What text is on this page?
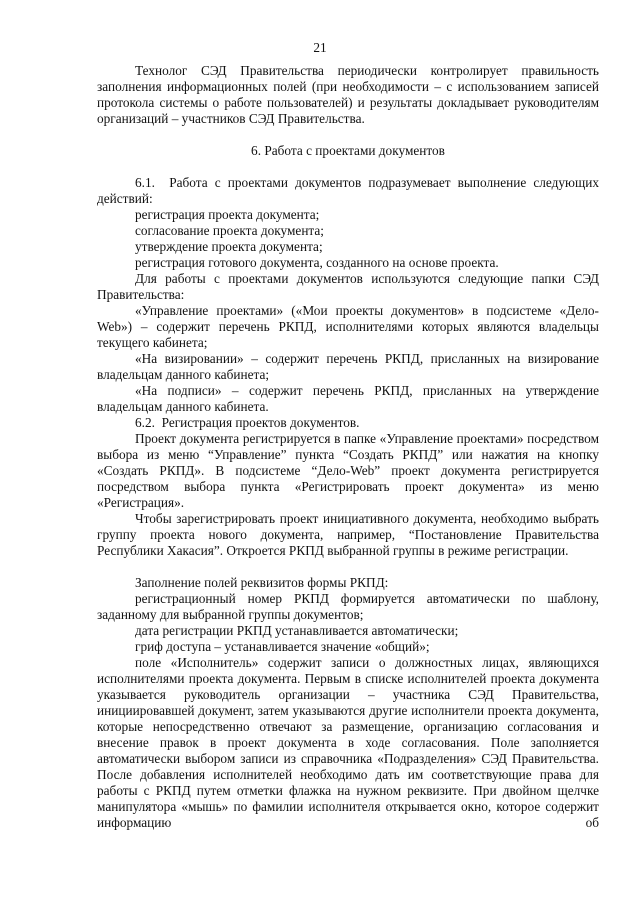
21

Технолог СЭД Правительства периодически контролирует правильность заполнения информационных полей (при необходимости – с использованием записей протокола системы о работе пользователей) и результаты докладывает руководителям организаций – участников СЭД Правительства.

6. Работа с проектами документов

6.1.  Работа с проектами документов подразумевает выполнение следующих действий:

регистрация проекта документа;

согласование проекта документа;

утверждение проекта документа;

регистрация готового документа, созданного на основе проекта.

Для работы с проектами документов используются следующие папки СЭД Правительства:

«Управление проектами» («Мои проекты документов» в подсистеме «Дело-Web») – содержит перечень РКПД, исполнителями которых являются владельцы текущего кабинета;

«На визировании» – содержит перечень РКПД, присланных на визирование владельцам данного кабинета;

«На подписи» – содержит перечень РКПД, присланных на утверждение владельцам данного кабинета.

6.2.  Регистрация проектов документов.

Проект документа регистрируется в папке «Управление проектами» посредством выбора из меню “Управление” пункта “Создать РКПД” или нажатия на кнопку «Создать РКПД». В подсистеме “Дело-Web” проект документа регистрируется посредством выбора пункта «Регистрировать проект документа» из меню «Регистрация».

Чтобы зарегистрировать проект инициативного документа, необходимо выбрать группу проекта нового документа, например, “Постановление Правительства Республики Хакасия”. Откроется РКПД выбранной группы в режиме регистрации.

Заполнение полей реквизитов формы РКПД:

регистрационный номер РКПД формируется автоматически по шаблону, заданному для выбранной группы документов;

дата регистрации РКПД устанавливается автоматически;

гриф доступа – устанавливается значение «общий»;

поле «Исполнитель» содержит записи о должностных лицах, являющихся исполнителями проекта документа. Первым в списке исполнителей проекта документа указывается руководитель организации – участника СЭД Правительства, инициировавшей документ, затем указываются другие исполнители проекта документа, которые непосредственно отвечают за размещение, организацию согласования и внесение правок в проект документа в ходе согласования. Поле заполняется автоматически выбором записи из справочника «Подразделения» СЭД Правительства. После добавления исполнителей необходимо дать им соответствующие права для работы с РКПД путем отметки флажка на нужном реквизите. При двойном щелчке манипулятора «мышь» по фамилии исполнителя открывается окно, которое содержит информацию об
